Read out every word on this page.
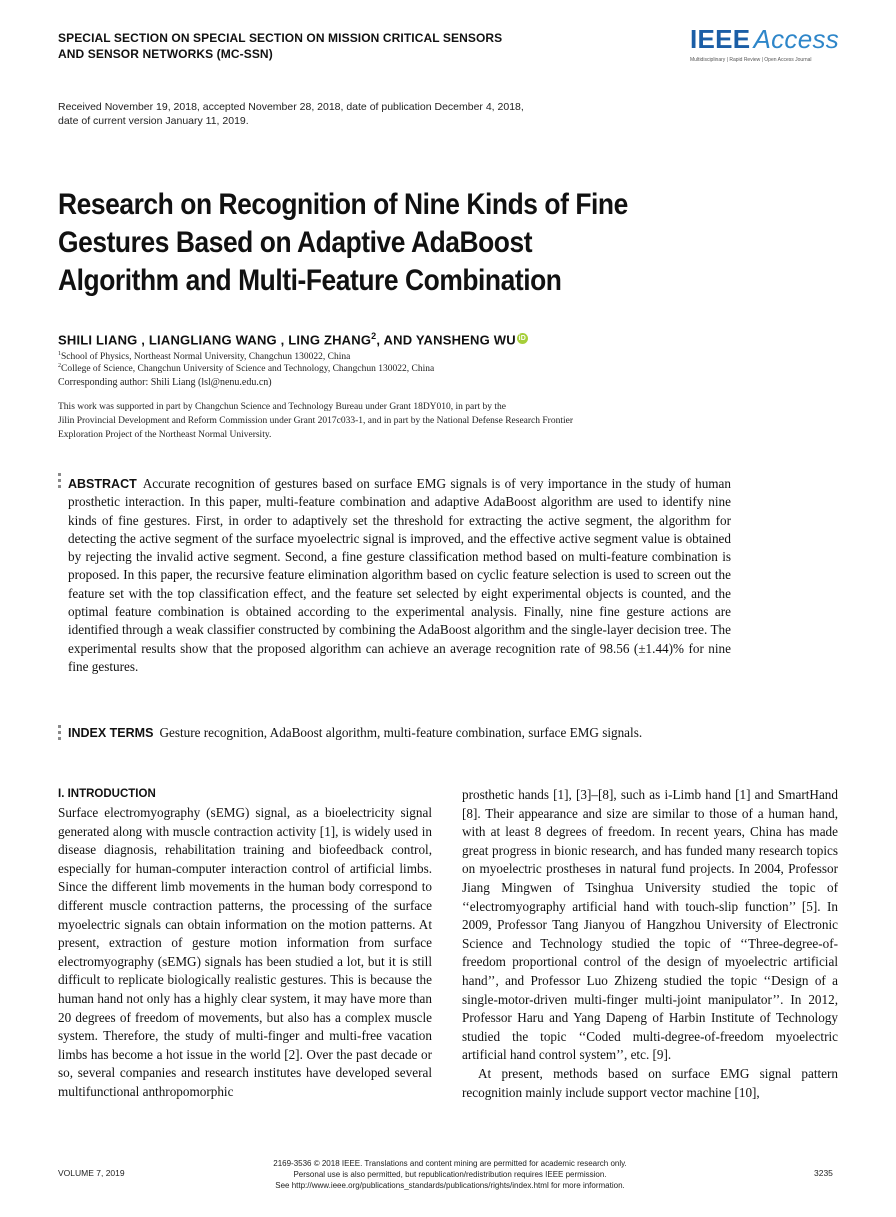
SPECIAL SECTION ON SPECIAL SECTION ON MISSION CRITICAL SENSORS
AND SENSOR NETWORKS (MC-SSN)	IEEE Access
Multidisciplinary | Rapid Review | Open Access Journal
Received November 19, 2018, accepted November 28, 2018, date of publication December 4, 2018,
date of current version January 11, 2019.
Research on Recognition of Nine Kinds of Fine
Gestures Based on Adaptive AdaBoost
Algorithm and Multi-Feature Combination
SHILI LIANG , LIANGLIANG WANG , LING ZHANG$^2$, AND YANSHENG WU iD
$^1$School of Physics, Northeast Normal University, Changchun 130022, China
$^2$College of Science, Changchun University of Science and Technology, Changchun 130022, China
Corresponding author: Shili Liang (lsl@nenu.edu.cn)
This work was supported in part by Changchun Science and Technology Bureau under Grant 18DY010, in part by the
Jilin Provincial Development and Reform Commission under Grant 2017c033-1, and in part by the National Defense Research Frontier
Exploration Project of the Northeast Normal University.
ABSTRACT Accurate recognition of gestures based on surface EMG signals is of very importance in the study of human prosthetic interaction. In this paper, multi-feature combination and adaptive AdaBoost algorithm are used to identify nine kinds of fine gestures. First, in order to adaptively set the threshold for extracting the active segment, the algorithm for detecting the active segment of the surface myoelectric signal is improved, and the effective active segment value is obtained by rejecting the invalid active segment. Second, a fine gesture classification method based on multi-feature combination is proposed. In this paper, the recursive feature elimination algorithm based on cyclic feature selection is used to screen out the feature set with the top classification effect, and the feature set selected by eight experimental objects is counted, and the optimal feature combination is obtained according to the experimental analysis. Finally, nine fine gesture actions are identified through a weak classifier constructed by combining the AdaBoost algorithm and the single-layer decision tree. The experimental results show that the proposed algorithm can achieve an average recognition rate of 98.56 (±1.44)% for nine fine gestures.
INDEX TERMS Gesture recognition, AdaBoost algorithm, multi-feature combination, surface EMG signals.
I. INTRODUCTION

Surface electromyography (sEMG) signal, as a bioelectricity signal generated along with muscle contraction activity [1], is widely used in disease diagnosis, rehabilitation training and biofeedback control, especially for human-computer interaction control of artificial limbs. Since the different limb movements in the human body correspond to different muscle contraction patterns, the processing of the surface myoelectric signals can obtain information on the motion patterns. At present, extraction of gesture motion information from surface electromyography (sEMG) signals has been studied a lot, but it is still difficult to replicate biologically realistic gestures. This is because the human hand not only has a highly clear system, it may have more than 20 degrees of freedom of movements, but also has a complex muscle system. Therefore, the study of multi-finger and multi-free vacation limbs has become a hot issue in the world [2]. Over the past decade or so, several companies and research institutes have developed several multifunctional anthropomorphic

prosthetic hands [1], [3]–[8], such as i-Limb hand [1] and SmartHand [8]. Their appearance and size are similar to those of a human hand, with at least 8 degrees of freedom. In recent years, China has made great progress in bionic research, and has funded many research topics on myoelectric prostheses in natural fund projects. In 2004, Professor Jiang Mingwen of Tsinghua University studied the topic of ‘‘electromyography artificial hand with touch-slip function’’ [5]. In 2009, Professor Tang Jianyou of Hangzhou University of Electronic Science and Technology studied the topic of ‘‘Three-degree-of-freedom proportional control of the design of myoelectric artificial hand’’, and Professor Luo Zhizeng studied the topic ‘‘Design of a single-motor-driven multi-finger multi-joint manipulator’’. In 2012, Professor Haru and Yang Dapeng of Harbin Institute of Technology studied the topic ‘‘Coded multi-degree-of-freedom myoelectric artificial hand control system’’, etc. [9].

At present, methods based on surface EMG signal pattern recognition mainly include support vector machine [10],

VOLUME 7, 2019
2169-3536 © 2018 IEEE. Translations and content mining are permitted for academic research only.
Personal use is also permitted, but republication/redistribution requires IEEE permission.
See http://www.ieee.org/publications_standards/publications/rights/index.html for more information.
3235
